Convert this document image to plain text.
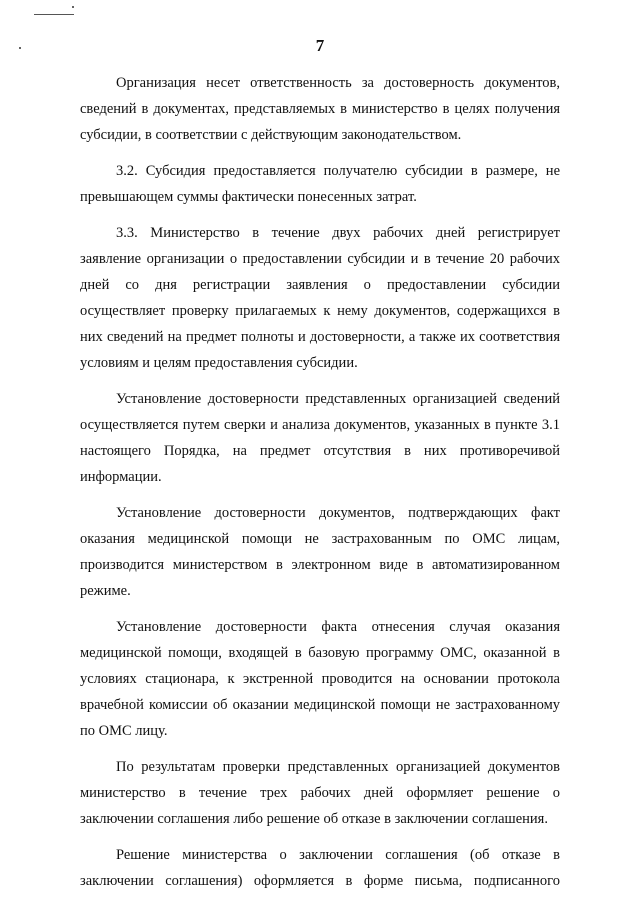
7

Организация несет ответственность за достоверность документов, сведений в документах, представляемых в министерство в целях получения субсидии, в соответствии с действующим законодательством.

3.2. Субсидия предоставляется получателю субсидии в размере, не превышающем суммы фактически понесенных затрат.

3.3. Министерство в течение двух рабочих дней регистрирует заявление организации о предоставлении субсидии и в течение 20 рабочих дней со дня регистрации заявления о предоставлении субсидии осуществляет проверку прилагаемых к нему документов, содержащихся в них сведений на предмет полноты и достоверности, а также их соответствия условиям и целям предоставления субсидии.

Установление достоверности представленных организацией сведений осуществляется путем сверки и анализа документов, указанных в пункте 3.1 настоящего Порядка, на предмет отсутствия в них противоречивой информации.

Установление достоверности документов, подтверждающих факт оказания медицинской помощи не застрахованным по ОМС лицам, производится министерством в электронном виде в автоматизированном режиме.

Установление достоверности факта отнесения случая оказания медицинской помощи, входящей в базовую программу ОМС, оказанной в условиях стационара, к экстренной проводится на основании протокола врачебной комиссии об оказании медицинской помощи не застрахованному по ОМС лицу.

По результатам проверки представленных организацией документов министерство в течение трех рабочих дней оформляет решение о заключении соглашения либо решение об отказе в заключении соглашения.

Решение министерства о заключении соглашения (об отказе в заключении соглашения) оформляется в форме письма, подписанного
